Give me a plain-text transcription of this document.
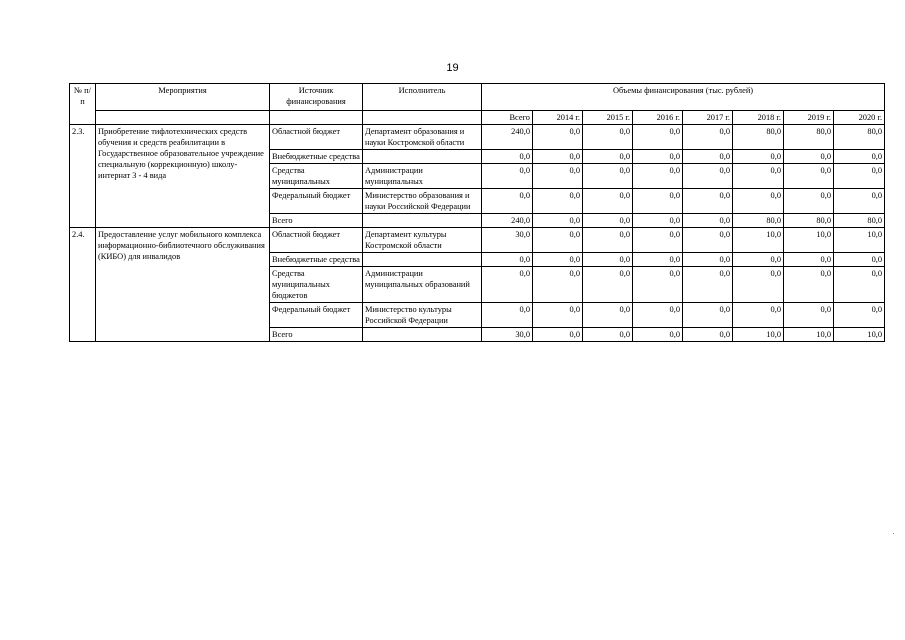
19
№ п/п	Мероприятия	Источник финансирования	Исполнитель	Объемы финансирования (тыс. рублей)							
				Всего	2014 г.	2015 г.	2016 г.	2017 г.	2018 г.	2019 г.	2020 г.
2.3.	Приобретение тифлотехнических средств обучения и средств реабилитации в Государственное образовательное учреждение специальную (коррекционную) школу-интернат 3 - 4 вида	Областной бюджет	Департамент образования и науки Костромской области	240,0	0,0	0,0	0,0	0,0	80,0	80,0	80,0
		Внебюджетные средства		0,0	0,0	0,0	0,0	0,0	0,0	0,0	0,0
		Средства муниципальных	Администрации муниципальных	0,0	0,0	0,0	0,0	0,0	0,0	0,0	0,0
		Федеральный бюджет	Министерство образования и науки Российской Федерации	0,0	0,0	0,0	0,0	0,0	0,0	0,0	0,0
		Всего		240,0	0,0	0,0	0,0	0,0	80,0	80,0	80,0
2.4.	Предоставление услуг мобильного комплекса информационно-библиотечного обслуживания (КИБО) для инвалидов	Областной бюджет	Департамент культуры Костромской области	30,0	0,0	0,0	0,0	0,0	10,0	10,0	10,0
		Внебюджетные средства		0,0	0,0	0,0	0,0	0,0	0,0	0,0	0,0
		Средства муниципальных бюджетов	Администрации муниципальных образований	0,0	0,0	0,0	0,0	0,0	0,0	0,0	0,0
		Федеральный бюджет	Министерство культуры Российской Федерации	0,0	0,0	0,0	0,0	0,0	0,0	0,0	0,0
		Всего		30,0	0,0	0,0	0,0	0,0	10,0	10,0	10,0
